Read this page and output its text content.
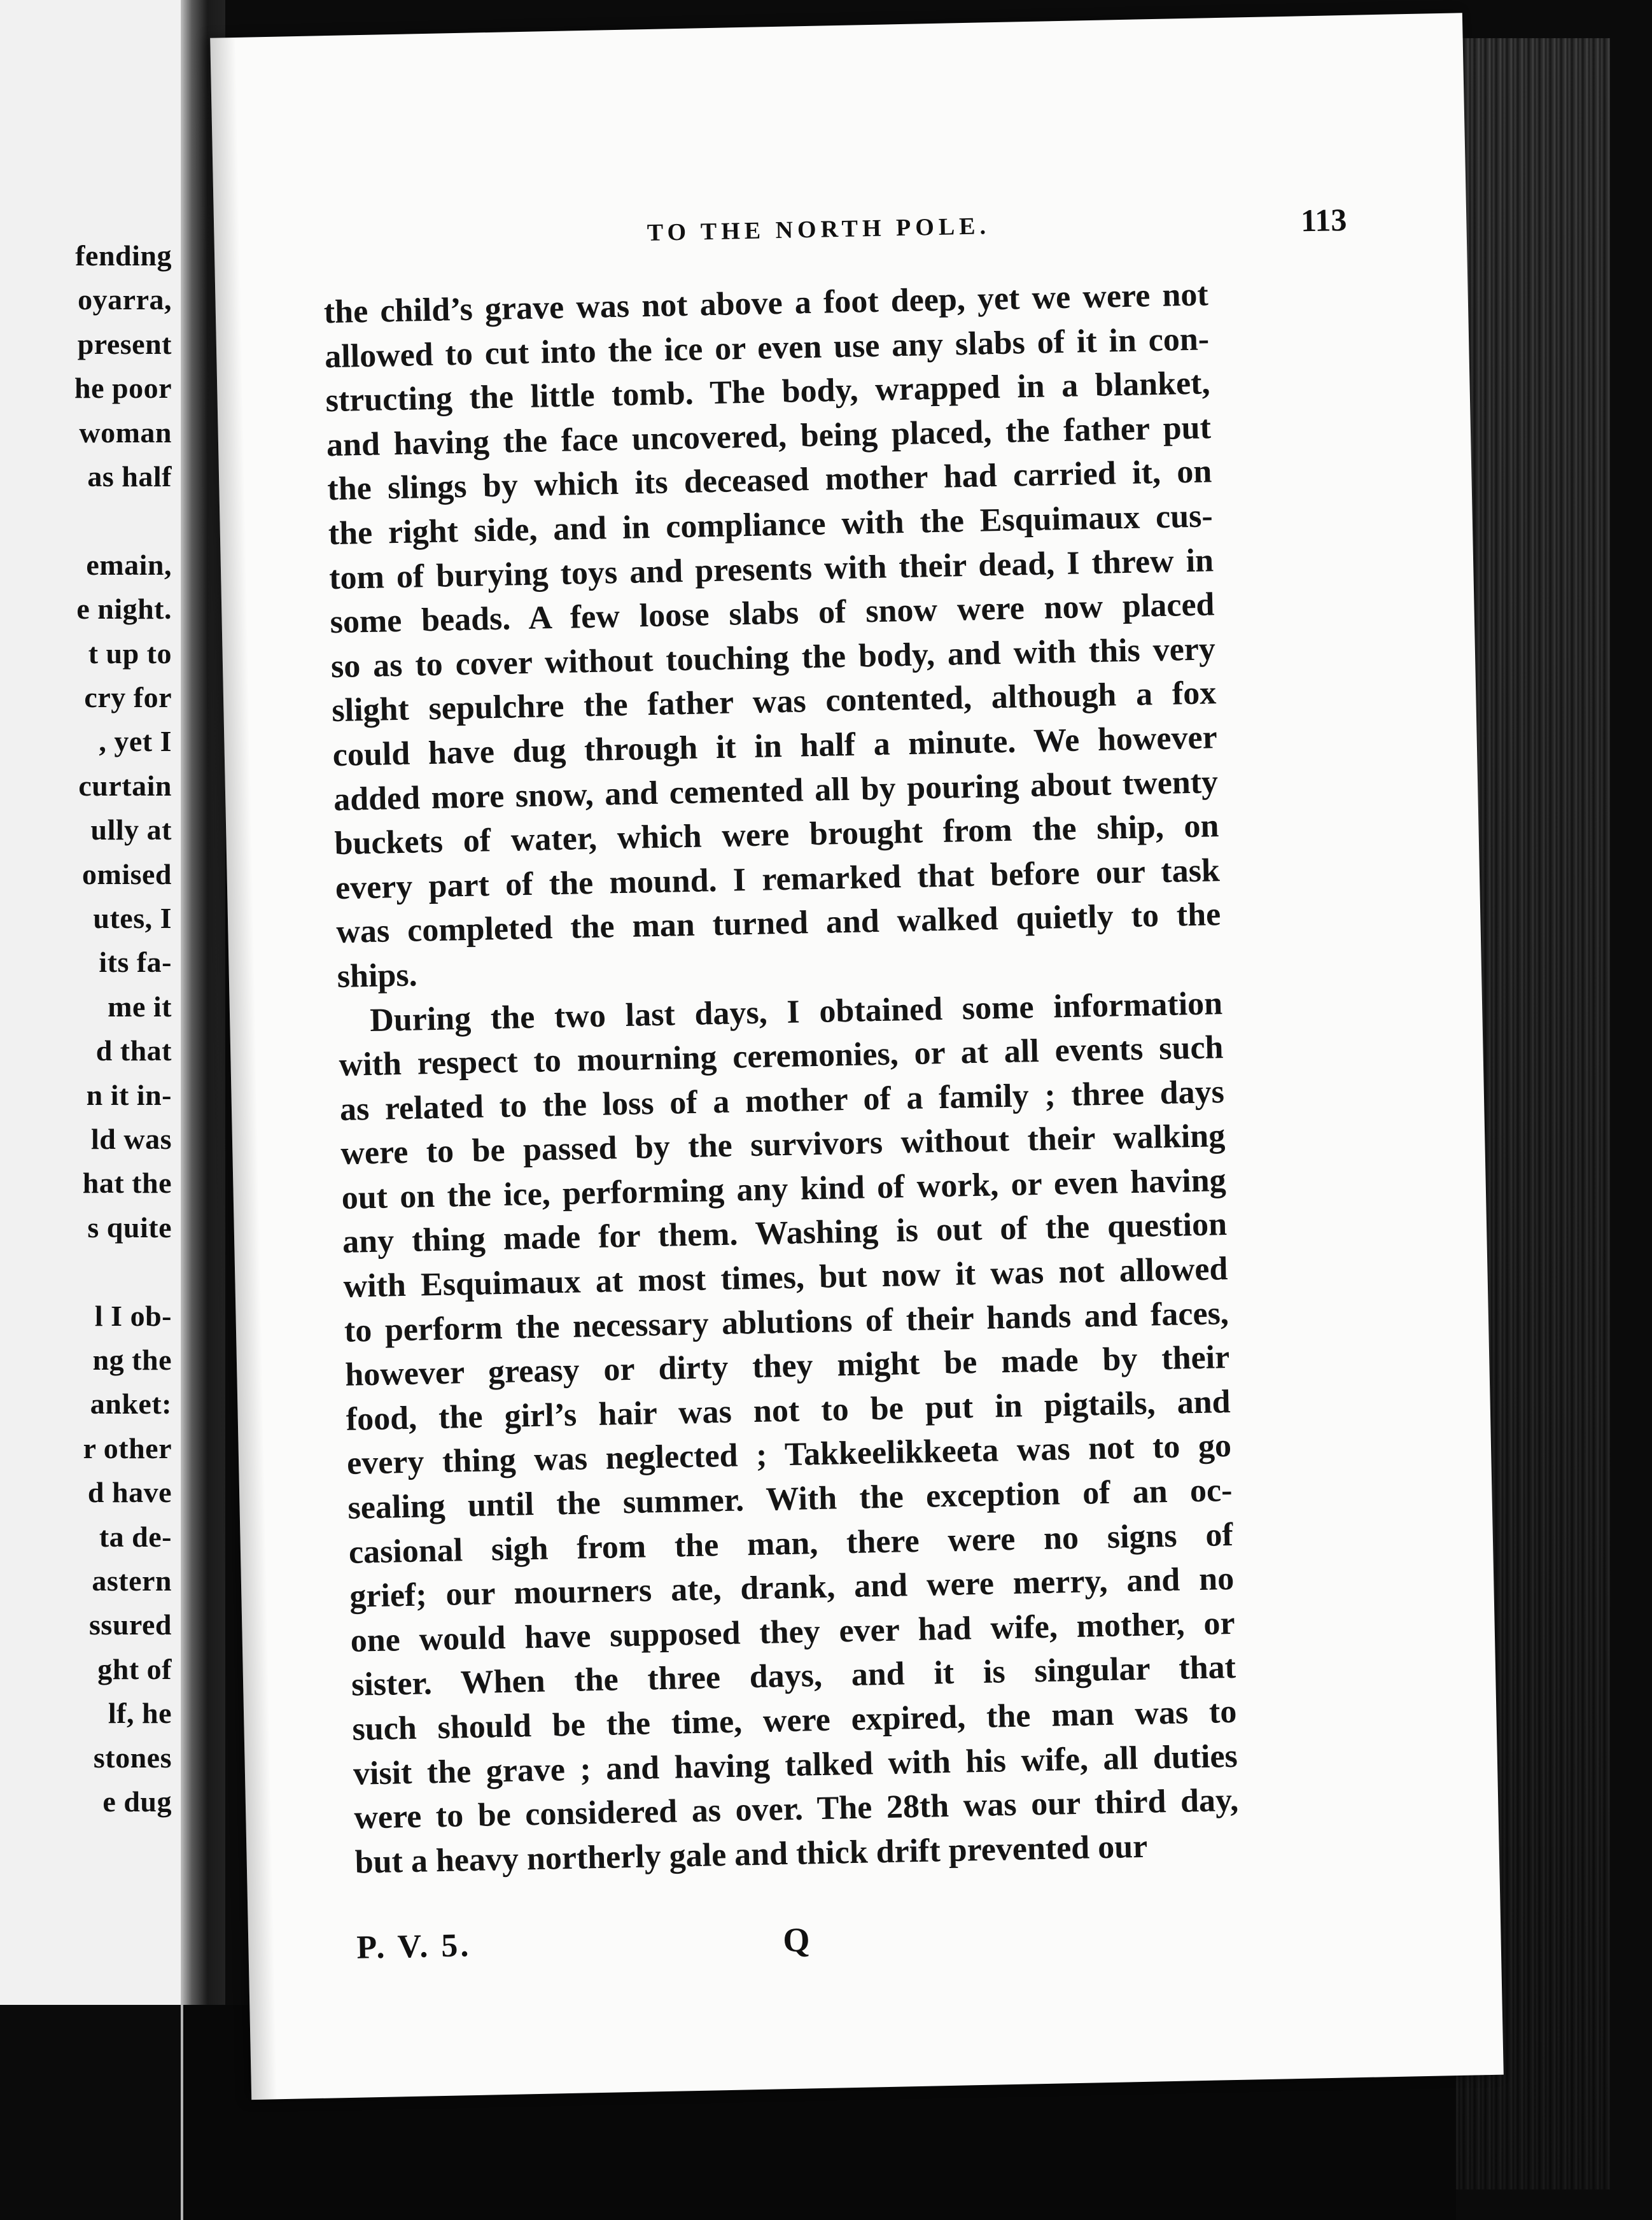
fending
oyarra,
present
he poor
woman
as half
emain,
e night.
t up to
cry for
, yet I
curtain
ully at
omised
utes, I
its fa-
me it
d that
n it in-
ld was
hat the
s quite
l I ob-
ng the
anket:
r other
d have
ta de-
astern
ssured
ght of
lf, he
stones
e dug
TO THE NORTH POLE.	113
the child’s grave was not above a foot deep, yet we were not
allowed to cut into the ice or even use any slabs of it in con-
structing the little tomb. The body, wrapped in a blanket,
and having the face uncovered, being placed, the father put
the slings by which its deceased mother had carried it, on
the right side, and in compliance with the Esquimaux cus-
tom of burying toys and presents with their dead, I threw in
some beads. A few loose slabs of snow were now placed
so as to cover without touching the body, and with this very
slight sepulchre the father was contented, although a fox
could have dug through it in half a minute. We however
added more snow, and cemented all by pouring about twenty
buckets of water, which were brought from the ship, on
every part of the mound. I remarked that before our task
was completed the man turned and walked quietly to the
ships.
During the two last days, I obtained some information
with respect to mourning ceremonies, or at all events such
as related to the loss of a mother of a family ; three days
were to be passed by the survivors without their walking
out on the ice, performing any kind of work, or even having
any thing made for them. Washing is out of the question
with Esquimaux at most times, but now it was not allowed
to perform the necessary ablutions of their hands and faces,
however greasy or dirty they might be made by their
food, the girl’s hair was not to be put in pigtails, and
every thing was neglected ; Takkeelikkeeta was not to go
sealing until the summer. With the exception of an oc-
casional sigh from the man, there were no signs of
grief; our mourners ate, drank, and were merry, and no
one would have supposed they ever had wife, mother, or
sister. When the three days, and it is singular that
such should be the time, were expired, the man was to
visit the grave ; and having talked with his wife, all duties
were to be considered as over. The 28th was our third day,
but a heavy northerly gale and thick drift prevented our
P. V. 5.	Q
